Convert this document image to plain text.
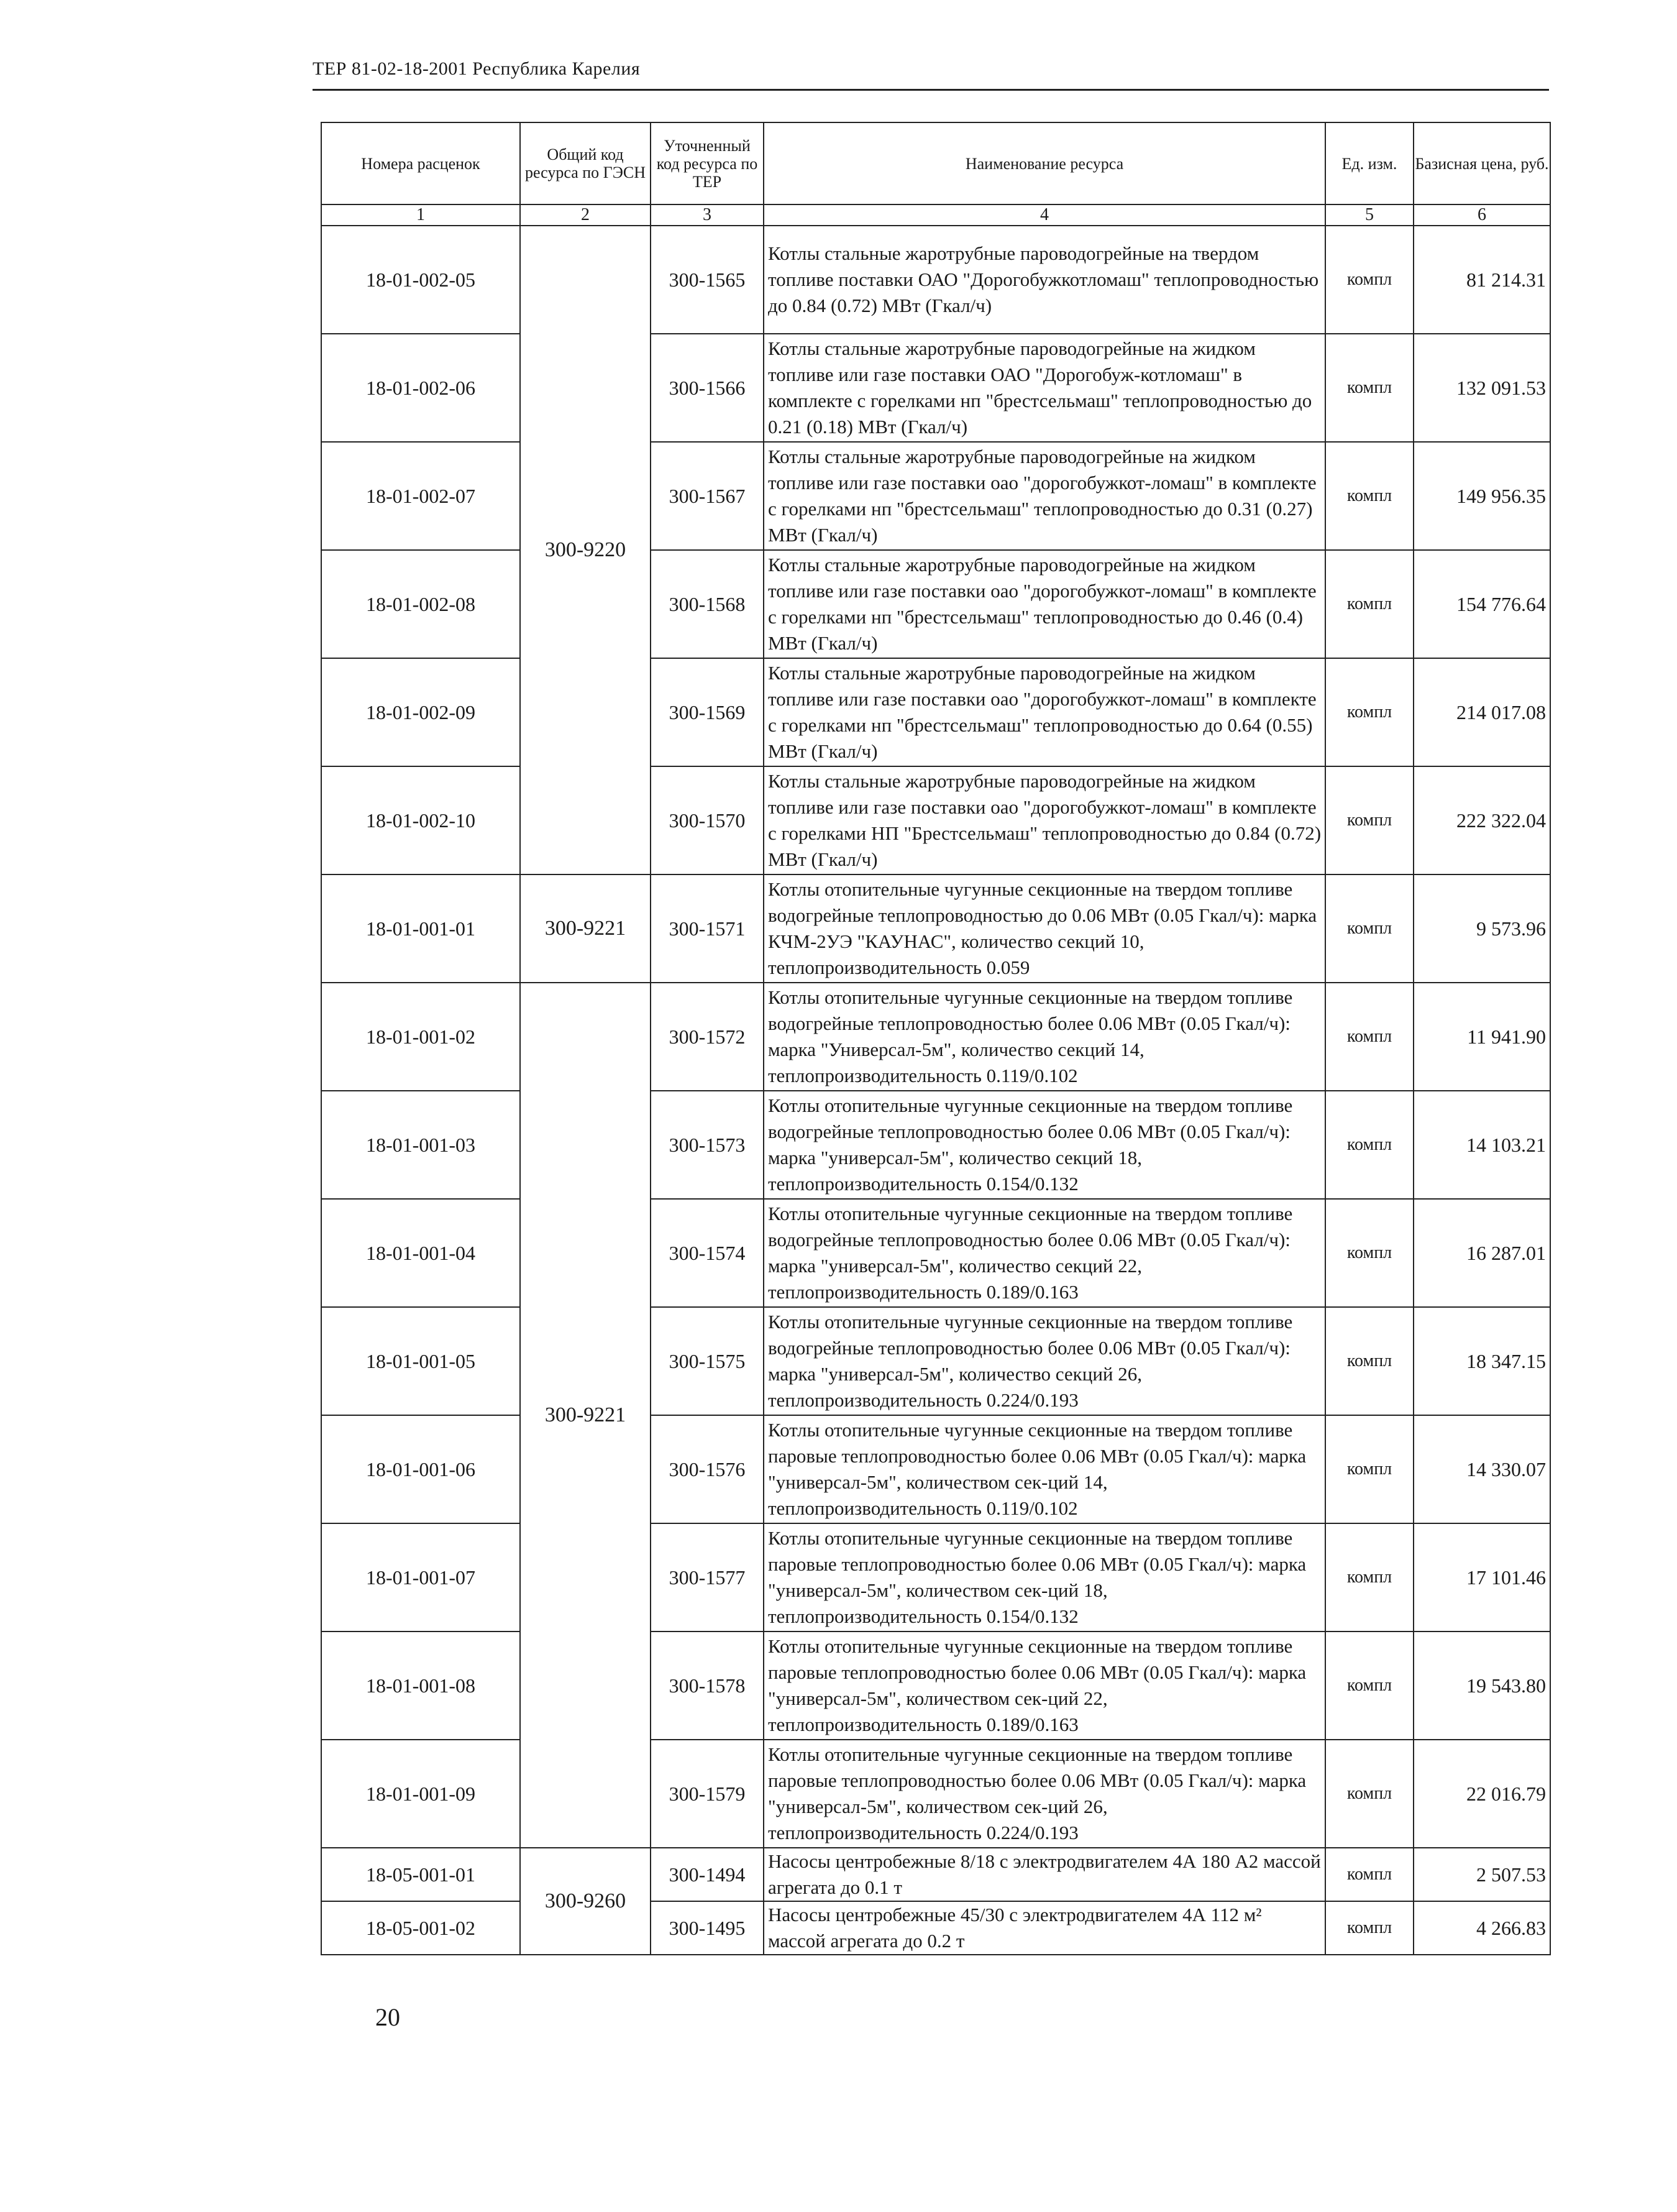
ТЕР 81-02-18-2001 Республика Карелия
Номера расценок	Общий код ресурса по ГЭСН	Уточненный код ресурса по ТЕР	Наименование ресурса	Ед. изм.	Базисная цена, руб.
1	2	3	4	5	6
18-01-002-05	300-9220	300-1565	Котлы стальные жаротрубные пароводогрейные на твердом топливе поставки ОАО "Дорогобужкотломаш" теплопроводностью до 0.84 (0.72) МВт (Гкал/ч)	компл	81 214.31
18-01-002-06		300-1566	Котлы стальные жаротрубные пароводогрейные на жидком топливе или газе поставки ОАО "Дорогобуж-котломаш" в комплекте с горелками нп "брестсельмаш" теплопроводностью до 0.21 (0.18) МВт (Гкал/ч)	компл	132 091.53
18-01-002-07		300-1567	Котлы стальные жаротрубные пароводогрейные на жидком топливе или газе поставки оао "дорогобужкот-ломаш" в комплекте с горелками нп "брестсельмаш" теплопроводностью до 0.31 (0.27) МВт (Гкал/ч)	компл	149 956.35
18-01-002-08		300-1568	Котлы стальные жаротрубные пароводогрейные на жидком топливе или газе поставки оао "дорогобужкот-ломаш" в комплекте с горелками нп "брестсельмаш" теплопроводностью до 0.46 (0.4) МВт (Гкал/ч)	компл	154 776.64
18-01-002-09		300-1569	Котлы стальные жаротрубные пароводогрейные на жидком топливе или газе поставки оао "дорогобужкот-ломаш" в комплекте с горелками нп "брестсельмаш" теплопроводностью до 0.64 (0.55) МВт (Гкал/ч)	компл	214 017.08
18-01-002-10		300-1570	Котлы стальные жаротрубные пароводогрейные на жидком топливе или газе поставки оао "дорогобужкот-ломаш" в комплекте с горелками НП "Брестсельмаш" теплопроводностью до 0.84 (0.72) МВт (Гкал/ч)	компл	222 322.04
18-01-001-01	300-9221	300-1571	Котлы отопительные чугунные секционные на твердом топливе водогрейные теплопроводностью до 0.06 МВт (0.05 Гкал/ч): марка КЧМ-2УЭ "КАУНАС", количество секций 10, теплопроизводительность 0.059	компл	9 573.96
18-01-001-02	300-9221	300-1572	Котлы отопительные чугунные секционные на твердом топливе водогрейные теплопроводностью более 0.06 МВт (0.05 Гкал/ч): марка "Универсал-5м", количество секций 14, теплопроизводительность 0.119/0.102	компл	11 941.90
18-01-001-03		300-1573	Котлы отопительные чугунные секционные на твердом топливе водогрейные теплопроводностью более 0.06 МВт (0.05 Гкал/ч): марка "универсал-5м", количество секций 18, теплопроизводительность 0.154/0.132	компл	14 103.21
18-01-001-04		300-1574	Котлы отопительные чугунные секционные на твердом топливе водогрейные теплопроводностью более 0.06 МВт (0.05 Гкал/ч): марка "универсал-5м", количество секций 22, теплопроизводительность 0.189/0.163	компл	16 287.01
18-01-001-05		300-1575	Котлы отопительные чугунные секционные на твердом топливе водогрейные теплопроводностью более 0.06 МВт (0.05 Гкал/ч): марка "универсал-5м", количество секций 26, теплопроизводительность 0.224/0.193	компл	18 347.15
18-01-001-06		300-1576	Котлы отопительные чугунные секционные на твердом топливе паровые теплопроводностью более 0.06 МВт (0.05 Гкал/ч): марка "универсал-5м", количеством сек-ций 14, теплопроизводительность 0.119/0.102	компл	14 330.07
18-01-001-07		300-1577	Котлы отопительные чугунные секционные на твердом топливе паровые теплопроводностью более 0.06 МВт (0.05 Гкал/ч): марка "универсал-5м", количеством сек-ций 18, теплопроизводительность 0.154/0.132	компл	17 101.46
18-01-001-08		300-1578	Котлы отопительные чугунные секционные на твердом топливе паровые теплопроводностью более 0.06 МВт (0.05 Гкал/ч): марка "универсал-5м", количеством сек-ций 22, теплопроизводительность 0.189/0.163	компл	19 543.80
18-01-001-09		300-1579	Котлы отопительные чугунные секционные на твердом топливе паровые теплопроводностью более 0.06 МВт (0.05 Гкал/ч): марка "универсал-5м", количеством сек-ций 26, теплопроизводительность 0.224/0.193	компл	22 016.79
18-05-001-01	300-9260	300-1494	Насосы центробежные 8/18 с электродвигателем 4А 180 А2 массой агрегата до 0.1 т	компл	2 507.53
18-05-001-02		300-1495	Насосы центробежные 45/30 с электродвигателем 4А 112 м² массой агрегата до 0.2 т	компл	4 266.83
20
